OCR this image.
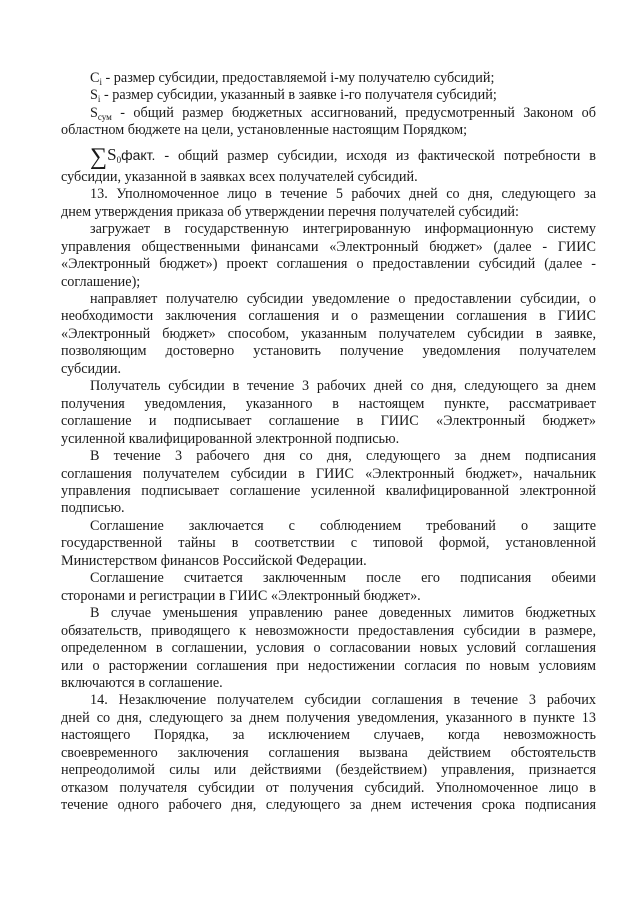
$C_i$ - размер субсидии, предоставляемой i-му получателю субсидий;
$S_i$ - размер субсидии, указанный в заявке i-го получателя субсидий;
$S_{сум}$ - общий размер бюджетных ассигнований, предусмотренный Законом об
областном бюджете на цели, установленные настоящим Порядком;
$\sum S_0факт$. - общий размер субсидии, исходя из фактической потребности в
субсидии, указанной в заявках всех получателей субсидий.
13. Уполномоченное лицо в течение 5 рабочих дней со дня, следующего за
днем утверждения приказа об утверждении перечня получателей субсидий:
загружает в государственную интегрированную информационную систему
управления общественными финансами «Электронный бюджет» (далее - ГИИС
«Электронный бюджет») проект соглашения о предоставлении субсидий (далее -
соглашение);
направляет получателю субсидии уведомление о предоставлении субсидии, о
необходимости заключения соглашения и о размещении соглашения в ГИИС
«Электронный бюджет» способом, указанным получателем субсидии в заявке,
позволяющим достоверно установить получение уведомления получателем
субсидии.
Получатель субсидии в течение 3 рабочих дней со дня, следующего за днем
получения уведомления, указанного в настоящем пункте, рассматривает
соглашение и подписывает соглашение в ГИИС «Электронный бюджет»
усиленной квалифицированной электронной подписью.
В течение 3 рабочего дня со дня, следующего за днем подписания
соглашения получателем субсидии в ГИИС «Электронный бюджет», начальник
управления подписывает соглашение усиленной квалифицированной электронной
подписью.
Соглашение заключается с соблюдением требований о защите
государственной тайны в соответствии с типовой формой, установленной
Министерством финансов Российской Федерации.
Соглашение считается заключенным после его подписания обеими
сторонами и регистрации в ГИИС «Электронный бюджет».
В случае уменьшения управлению ранее доведенных лимитов бюджетных
обязательств, приводящего к невозможности предоставления субсидии в размере,
определенном в соглашении, условия о согласовании новых условий соглашения
или о расторжении соглашения при недостижении согласия по новым условиям
включаются в соглашение.
14. Незаключение получателем субсидии соглашения в течение 3 рабочих
дней со дня, следующего за днем получения уведомления, указанного в пункте 13
настоящего Порядка, за исключением случаев, когда невозможность
своевременного заключения соглашения вызвана действием обстоятельств
непреодолимой силы или действиями (бездействием) управления, признается
отказом получателя субсидии от получения субсидий. Уполномоченное лицо в
течение одного рабочего дня, следующего за днем истечения срока подписания
